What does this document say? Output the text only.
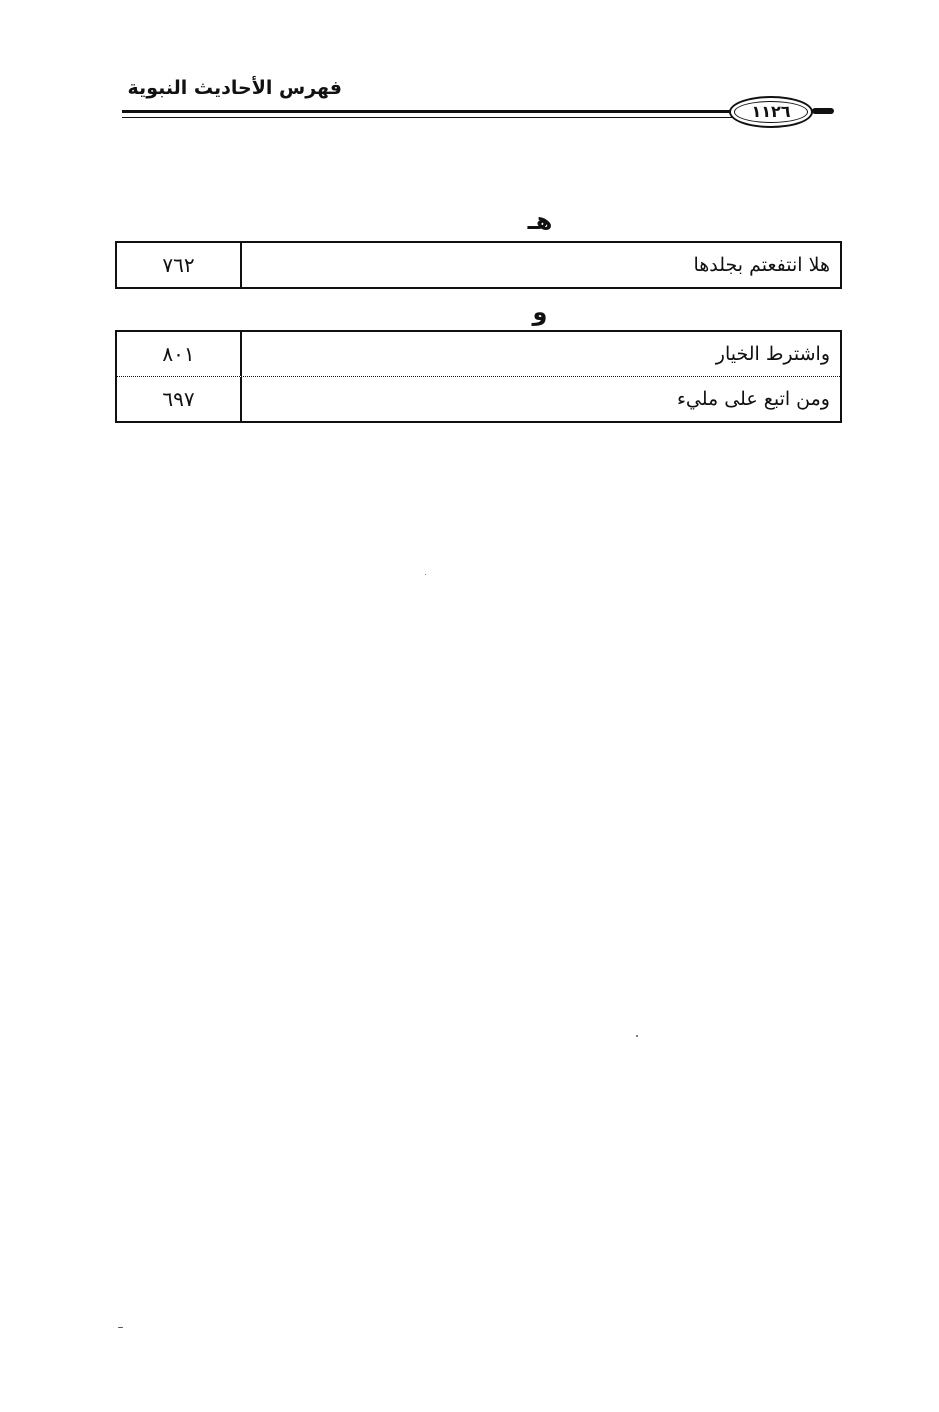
فهرس الأحاديث النبوية
١١٢٦
هـ
٧٦٢	هلا انتفعتم بجلدها
و
٨٠١	واشترط الخيار
٦٩٧	ومن اتبع على مليء
